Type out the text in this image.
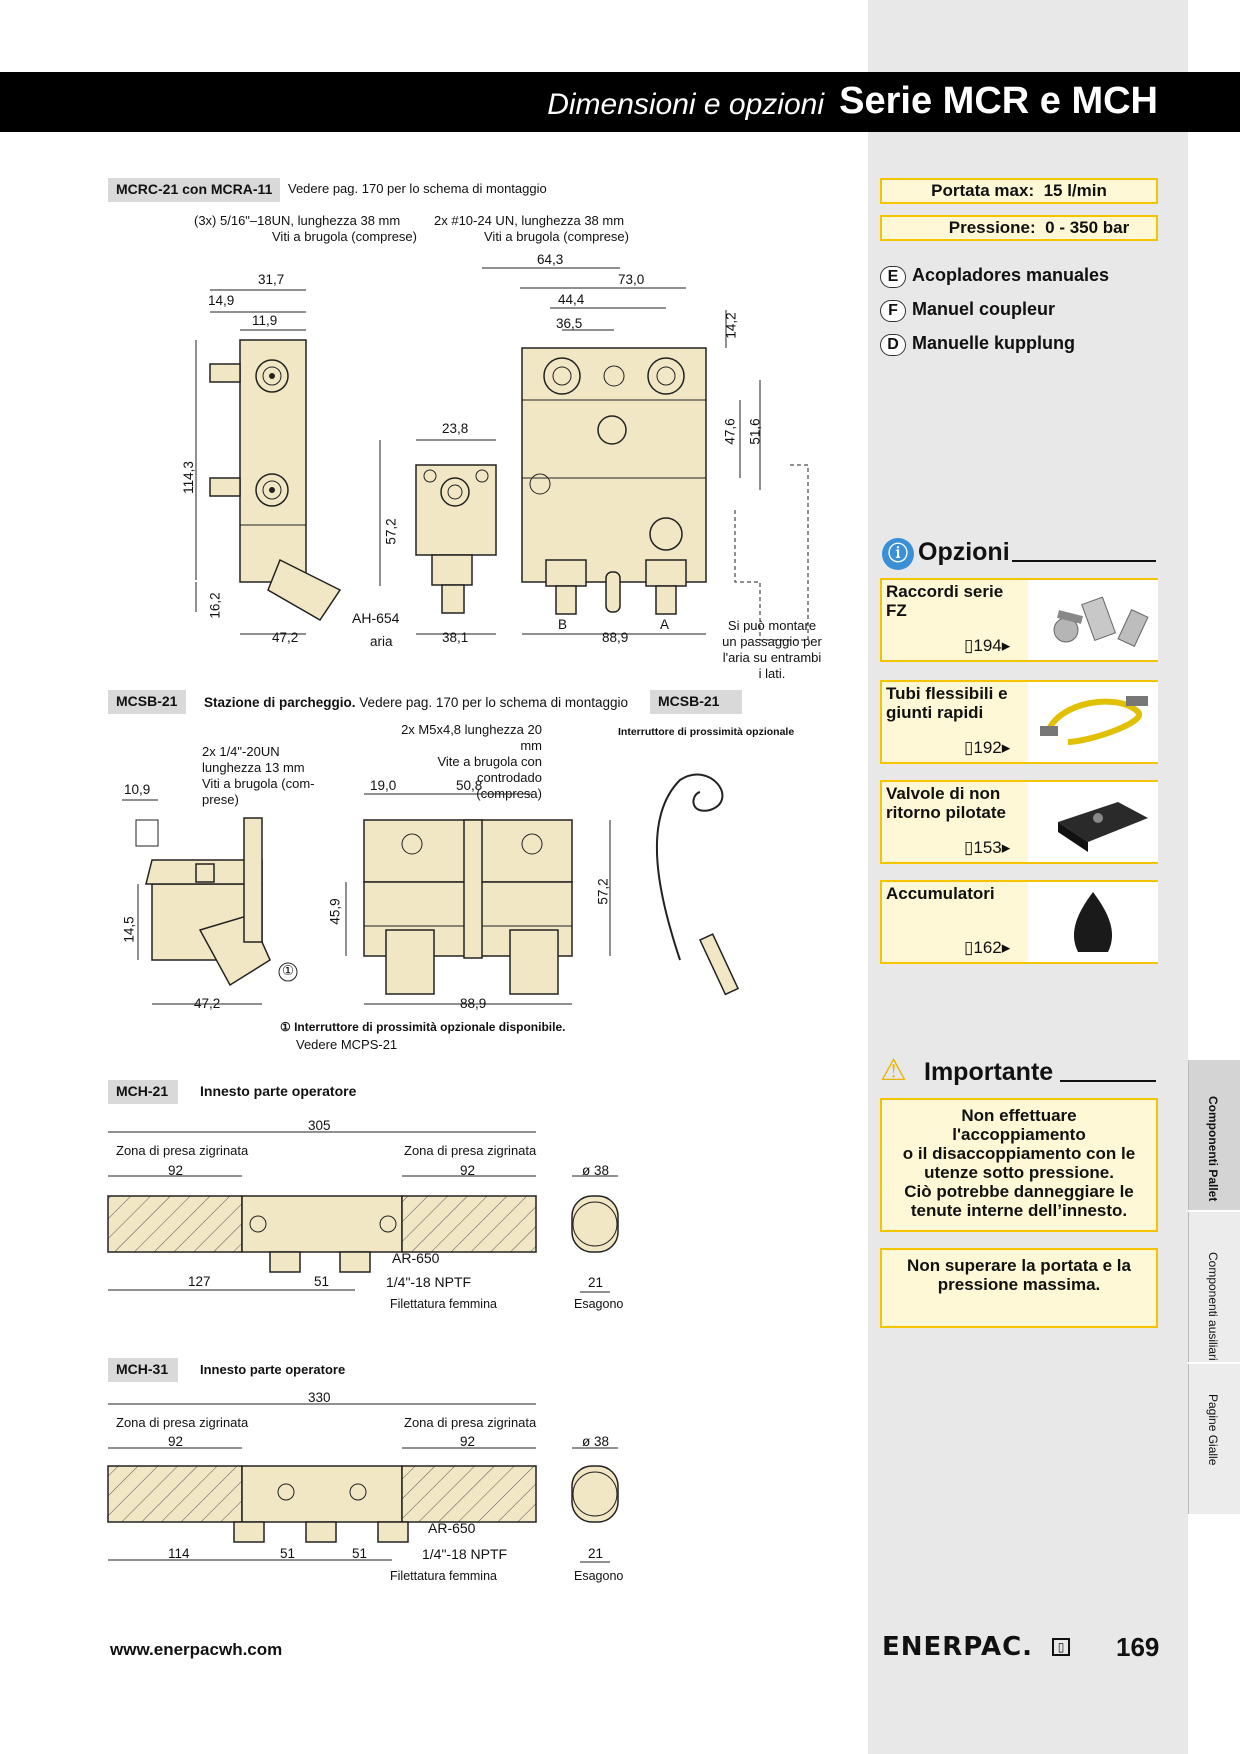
Dimensioni e opzioni Serie MCR e MCH
MCRC-21 con MCRA-11	Vedere pag. 170 per lo schema di montaggio
(3x) 5/16"–18UN, lunghezza 38 mm
Viti a brugola (comprese)
2x #10-24 UN, lunghezza 38 mm
Viti a brugola (comprese)
31,7
14,9
11,9
114,3
16,2
47,2
23,8
57,2
38,1
64,3
73,0
44,4
36,5	14,2
47,6 51,6
88,9
AH-654
aria
B	A	Si può montare
un passaggio per
l'aria su entrambi
i lati.
MCSB-21	Stazione di parcheggio. Vedere pag. 170 per lo schema di montaggio	MCSB-21
Interruttore di prossimità opzionale
2x 1/4"-20UN
lunghezza 13 mm
Viti a brugola (com-
prese)
2x M5x4,8 lunghezza 20 mm
Vite a brugola con controdado
(compresa)
10,9
14,5
47,2
19,0	50,8
45,9
57,2
88,9
①
① Interruttore di prossimità opzionale disponibile.
Vedere MCPS-21
MCH-21	Innesto parte operatore
305
Zona di presa zigrinata	Zona di presa zigrinata
92	92	ø 38
127	51
AR-650
1/4"-18 NPTF
Filettatura femmina
21
Esagono
MCH-31	Innesto parte operatore
330
Zona di presa zigrinata	Zona di presa zigrinata
92	92	ø 38
114	51	51
AR-650
1/4"-18 NPTF
Filettatura femmina
21
Esagono
Portata max: 15 l/min
Pressione: 0 - 350 bar
E Acopladores manuales
F Manuel coupleur
D Manuelle kupplung
ⓘ Opzioni
Raccordi serie FZ
▯194▸
Tubi flessibili e giunti rapidi
▯192▸
Valvole di non ritorno pilotate
▯153▸
Accumulatori
▯162▸
⚠ Importante
Non effettuare
l'accoppiamento
o il disaccoppiamento con le
utenze sotto pressione.
Ciò potrebbe danneggiare le
tenute interne dell’innesto.
Non superare la portata e la
pressione massima.
Componenti Pallet
Componenti ausiliari
Pagine Gialle
www.enerpacwh.com	ENERPAC.	▯ 169
